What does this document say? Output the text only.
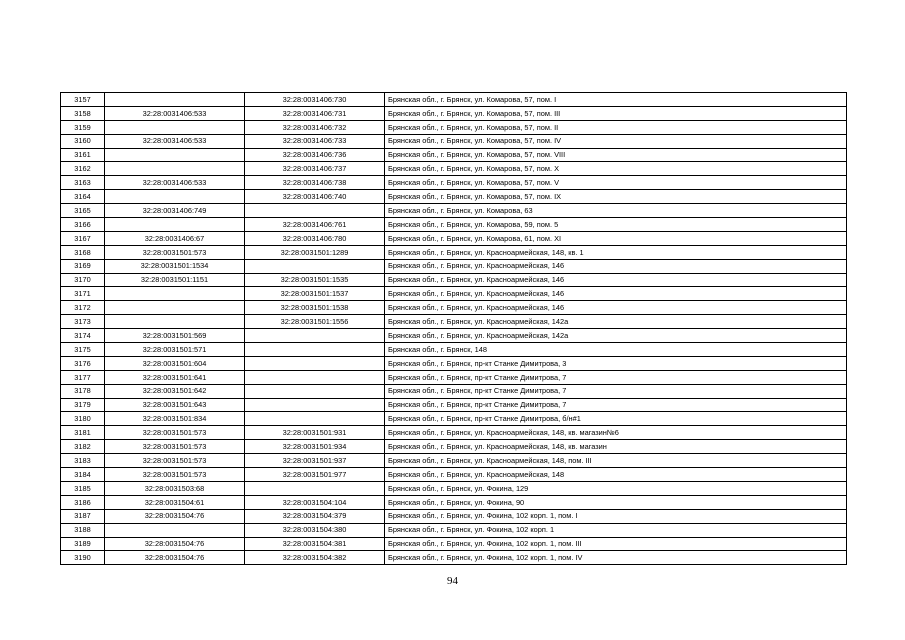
3157		32:28:0031406:730	Брянская обл., г. Брянск, ул. Комарова, 57, пом. I
3158	32:28:0031406:533	32:28:0031406:731	Брянская обл., г. Брянск, ул. Комарова, 57, пом. III
3159		32:28:0031406:732	Брянская обл., г. Брянск, ул. Комарова, 57, пом. II
3160	32:28:0031406:533	32:28:0031406:733	Брянская обл., г. Брянск, ул. Комарова, 57, пом. IV
3161		32:28:0031406:736	Брянская обл., г. Брянск, ул. Комарова, 57, пом. VIII
3162		32:28:0031406:737	Брянская обл., г. Брянск, ул. Комарова, 57, пом. X
3163	32:28:0031406:533	32:28:0031406:738	Брянская обл., г. Брянск, ул. Комарова, 57, пом. V
3164		32:28:0031406:740	Брянская обл., г. Брянск, ул. Комарова, 57, пом. IX
3165	32:28:0031406:749		Брянская обл., г. Брянск, ул. Комарова, 63
3166		32:28:0031406:761	Брянская обл., г. Брянск, ул. Комарова, 59, пом. 5
3167	32:28:0031406:67	32:28:0031406:780	Брянская обл., г. Брянск, ул. Комарова, 61, пом. XI
3168	32:28:0031501:573	32:28:0031501:1289	Брянская обл., г. Брянск, ул. Красноармейская, 148, кв. 1
3169	32:28:0031501:1534		Брянская обл., г. Брянск, ул. Красноармейская, 146
3170	32:28:0031501:1151	32:28:0031501:1535	Брянская обл., г. Брянск, ул. Красноармейская, 146
3171		32:28:0031501:1537	Брянская обл., г. Брянск, ул. Красноармейская, 146
3172		32:28:0031501:1538	Брянская обл., г. Брянск, ул. Красноармейская, 146
3173		32:28:0031501:1556	Брянская обл., г. Брянск, ул. Красноармейская, 142а
3174	32:28:0031501:569		Брянская обл., г. Брянск, ул. Красноармейская, 142а
3175	32:28:0031501:571		Брянская обл., г. Брянск, 148
3176	32:28:0031501:604		Брянская обл., г. Брянск, пр-кт Станке Димитрова, 3
3177	32:28:0031501:641		Брянская обл., г. Брянск, пр-кт Станке Димитрова, 7
3178	32:28:0031501:642		Брянская обл., г. Брянск, пр-кт Станке Димитрова, 7
3179	32:28:0031501:643		Брянская обл., г. Брянск, пр-кт Станке Димитрова, 7
3180	32:28:0031501:834		Брянская обл., г. Брянск, пр-кт Станке Димитрова, б/н#1
3181	32:28:0031501:573	32:28:0031501:931	Брянская обл., г. Брянск, ул. Красноармейская, 148, кв. магазин№6
3182	32:28:0031501:573	32:28:0031501:934	Брянская обл., г. Брянск, ул. Красноармейская, 148, кв. магазин
3183	32:28:0031501:573	32:28:0031501:937	Брянская обл., г. Брянск, ул. Красноармейская, 148, пом. III
3184	32:28:0031501:573	32:28:0031501:977	Брянская обл., г. Брянск, ул. Красноармейская, 148
3185	32:28:0031503:68		Брянская обл., г. Брянск, ул. Фокина, 129
3186	32:28:0031504:61	32:28:0031504:104	Брянская обл., г. Брянск, ул. Фокина, 90
3187	32:28:0031504:76	32:28:0031504:379	Брянская обл., г. Брянск, ул. Фокина, 102 корп. 1, пом. I
3188		32:28:0031504:380	Брянская обл., г. Брянск, ул. Фокина, 102 корп. 1
3189	32:28:0031504:76	32:28:0031504:381	Брянская обл., г. Брянск, ул. Фокина, 102 корп. 1, пом. III
3190	32:28:0031504:76	32:28:0031504:382	Брянская обл., г. Брянск, ул. Фокина, 102 корп. 1, пом. IV
94
